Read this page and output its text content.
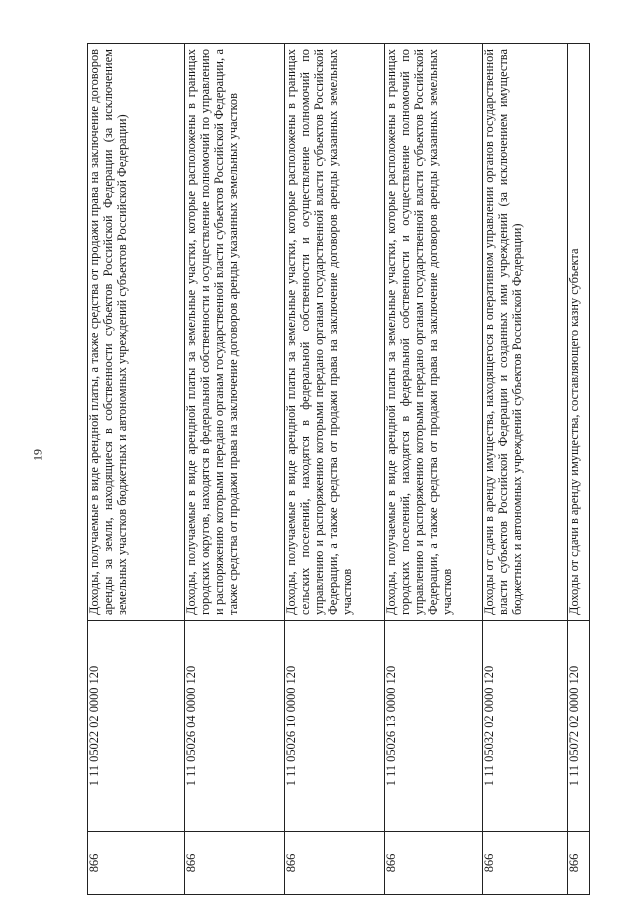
19
866	1 11 05022 02 0000 120	Доходы, получаемые в виде арендной платы, а также средства от продажи права на заключение договоров аренды за земли, находящиеся в собственности субъектов Российской Федерации (за исключением земельных участков бюджетных и автономных учреждений субъектов Российской Федерации)
866	1 11 05026 04 0000 120	Доходы, получаемые в виде арендной платы за земельные участки, которые расположены в границах городских округов, находятся в федеральной собственности и осуществление полномочий по управлению и распоряжению которыми передано органам государственной власти субъектов Российской Федерации, а также средства от продажи права на заключение договоров аренды указанных земельных участков
866	1 11 05026 10 0000 120	Доходы, получаемые в виде арендной платы за земельные участки, которые расположены в границах сельских поселений, находятся в федеральной собственности и осуществление полномочий по управлению и распоряжению которыми передано органам государственной власти субъектов Российской Федерации, а также средства от продажи права на заключение договоров аренды указанных земельных участков
866	1 11 05026 13 0000 120	Доходы, получаемые в виде арендной платы за земельные участки, которые расположены в границах городских поселений, находятся в федеральной собственности и осуществление полномочий по управлению и распоряжению которыми передано органам государственной власти субъектов Российской Федерации, а также средства от продажи права на заключение договоров аренды указанных земельных участков
866	1 11 05032 02 0000 120	Доходы от сдачи в аренду имущества, находящегося в оперативном управлении органов государственной власти субъектов Российской Федерации и созданных ими учреждений (за исключением имущества бюджетных и автономных учреждений субъектов Российской Федерации)
866	1 11 05072 02 0000 120	Доходы от сдачи в аренду имущества, составляющего казну субъекта
